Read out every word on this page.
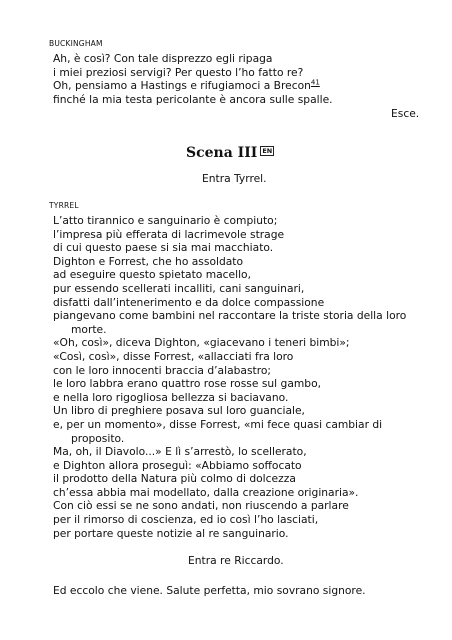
BUCKINGHAM
Ah, è così? Con tale disprezzo egli ripaga
i miei preziosi servigi? Per questo l’ho fatto re?
Oh, pensiamo a Hastings e rifugiamoci a Brecon$^{41}$
finché la mia testa pericolante è ancora sulle spalle.
Esce.
Scena III EN
Entra Tyrrel.
TYRREL
L’atto tirannico e sanguinario è compiuto;
l’impresa più efferata di lacrimevole strage
di cui questo paese si sia mai macchiato.
Dighton e Forrest, che ho assoldato
ad eseguire questo spietato macello,
pur essendo scellerati incalliti, cani sanguinari,
disfatti dall’intenerimento e da dolce compassione
piangevano come bambini nel raccontare la triste storia della loro
morte.
«Oh, così», diceva Dighton, «giacevano i teneri bimbi»;
«Così, così», disse Forrest, «allacciati fra loro
con le loro innocenti braccia d’alabastro;
le loro labbra erano quattro rose rosse sul gambo,
e nella loro rigogliosa bellezza si baciavano.
Un libro di preghiere posava sul loro guanciale,
e, per un momento», disse Forrest, «mi fece quasi cambiar di
proposito.
Ma, oh, il Diavolo...» E lì s’arrestò, lo scellerato,
e Dighton allora proseguì: «Abbiamo soffocato
il prodotto della Natura più colmo di dolcezza
ch’essa abbia mai modellato, dalla creazione originaria».
Con ciò essi se ne sono andati, non riuscendo a parlare
per il rimorso di coscienza, ed io così l’ho lasciati,
per portare queste notizie al re sanguinario.
Entra re Riccardo.
Ed eccolo che viene. Salute perfetta, mio sovrano signore.
